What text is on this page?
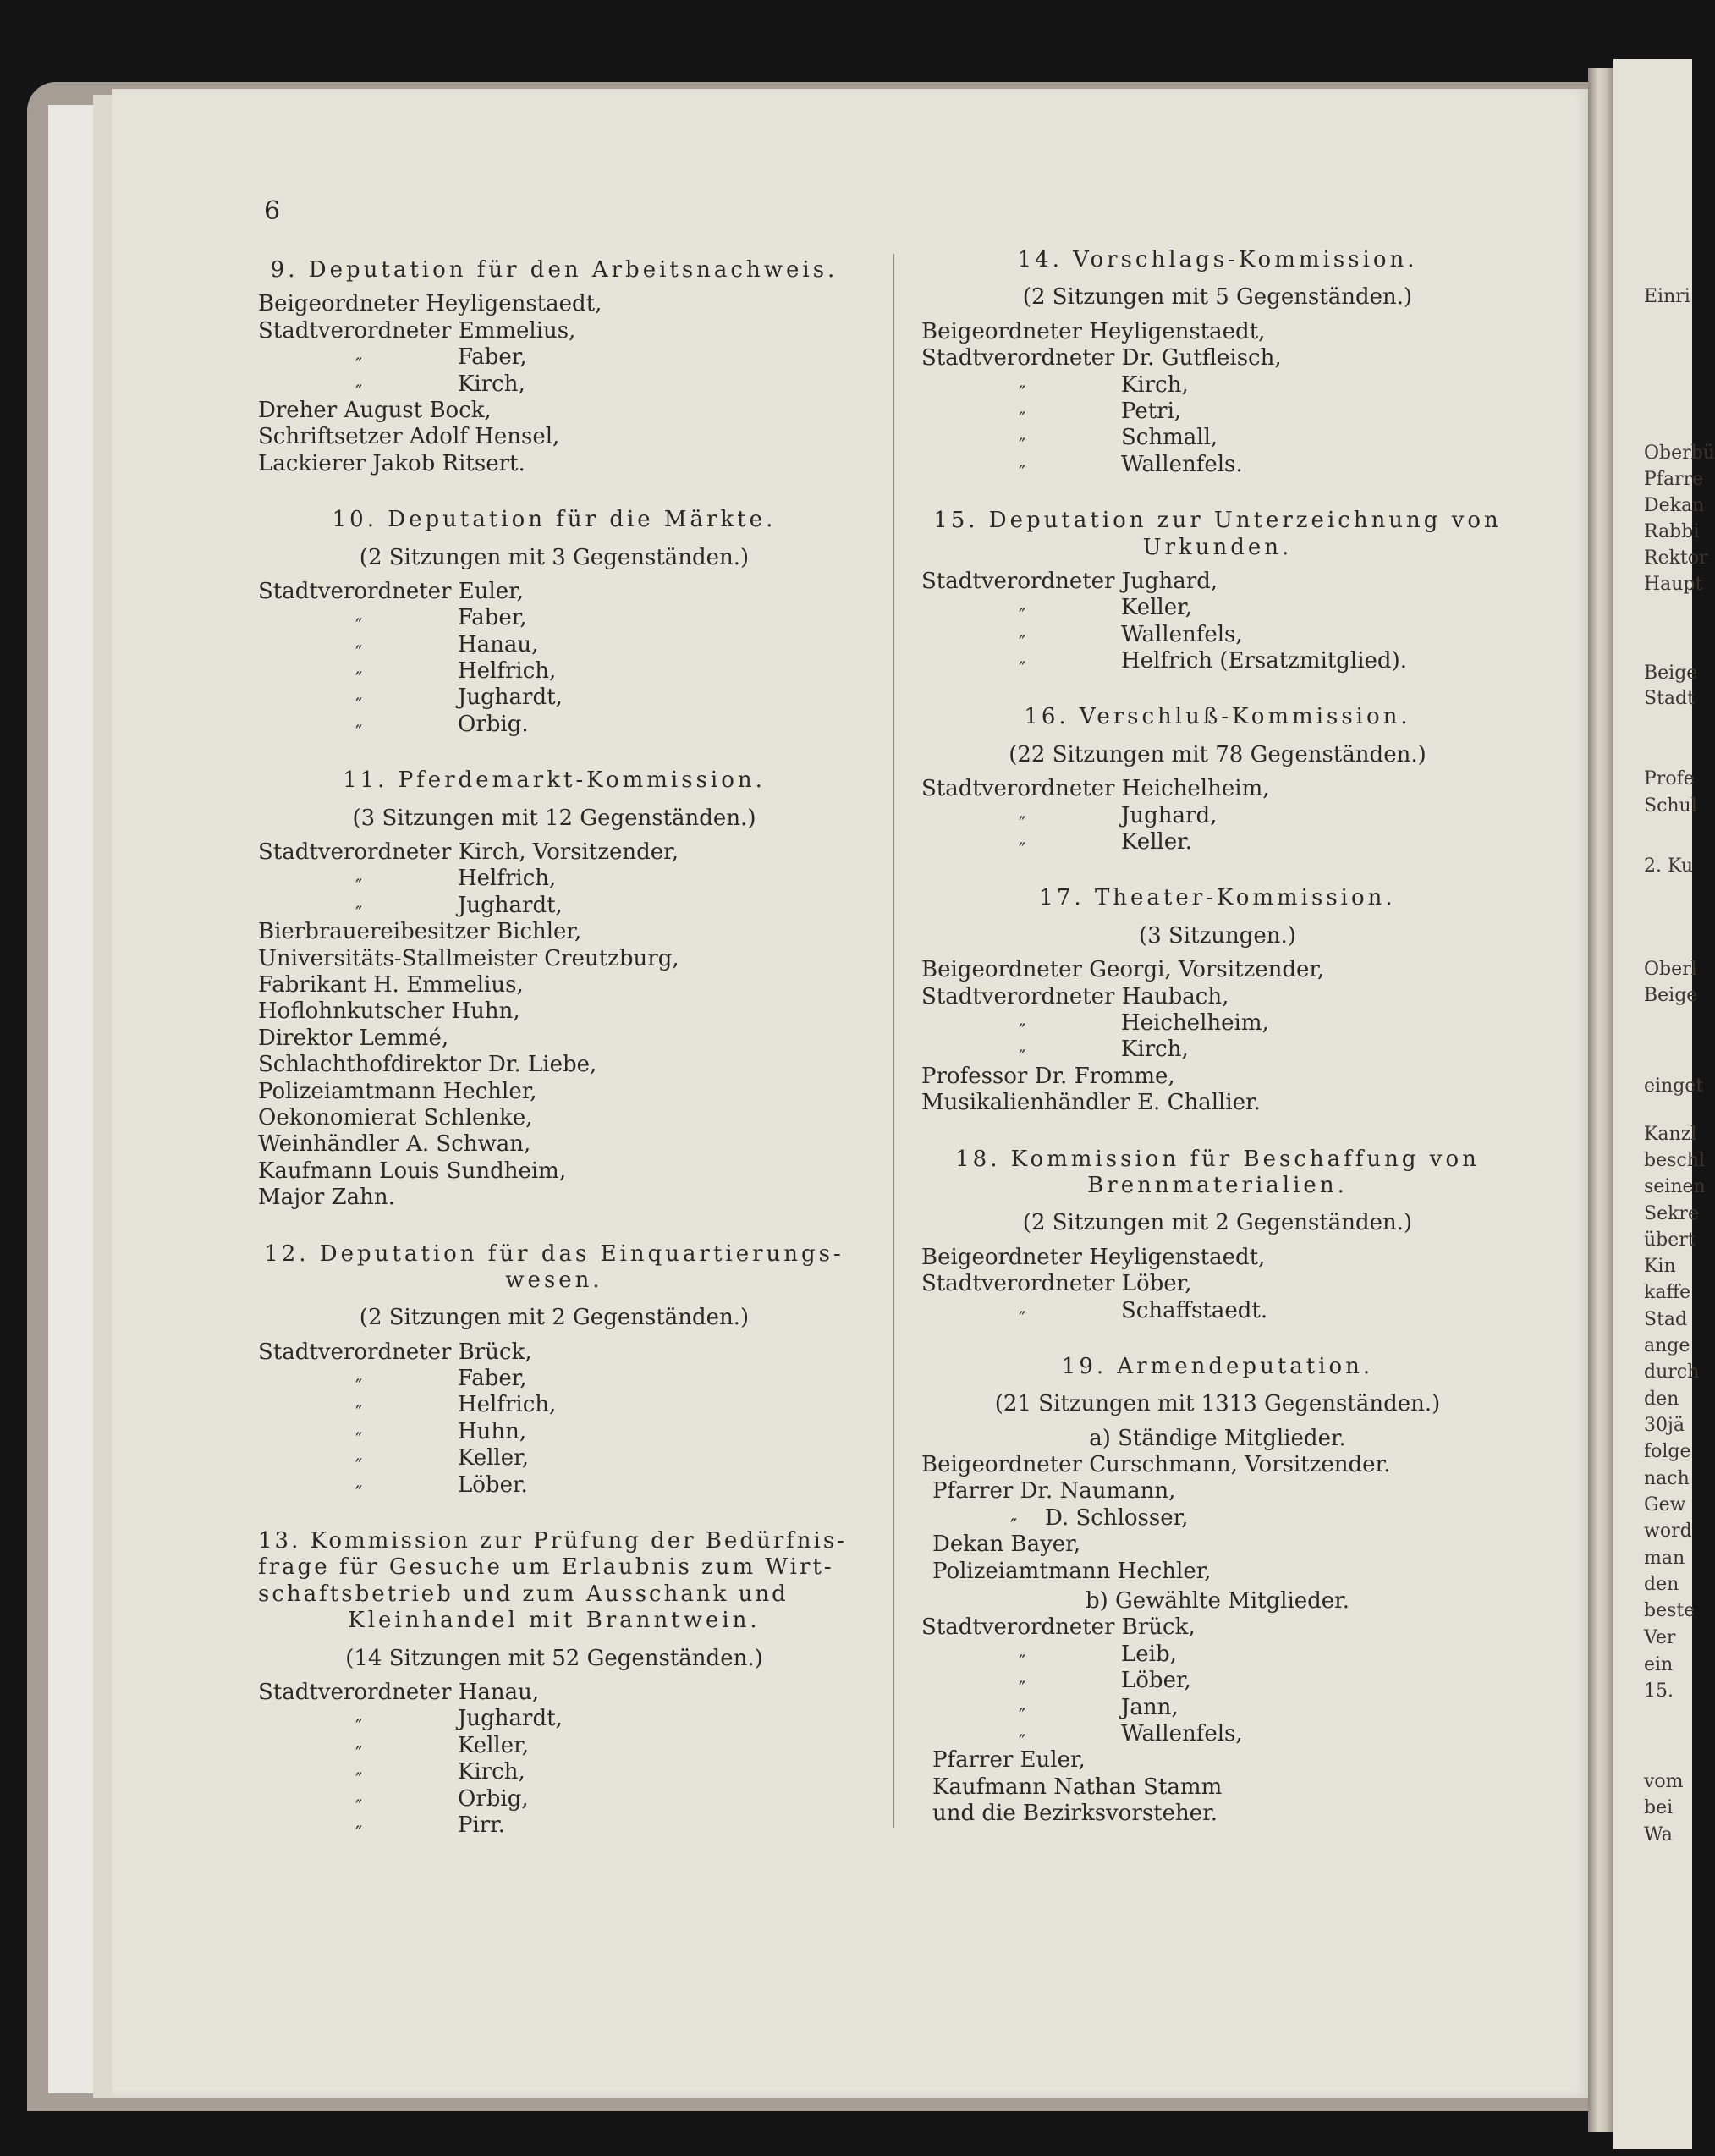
Einri
Oberbü
Pfarre
Dekan
Rabbi
Rektor
Haupt
Beige
Stadt
Profe
Schul
2. Ku
Oberl
Beige
einget
Kanzl
beschl
seinen
Sekre
übert
Kin
kaffe
Stad
ange
durch
den
30jä
folge
nach
Gew
word
man
den
beste
Ver
ein
15.
vom
bei
Wa
6
9. Deputation für den Arbeitsnachweis.
Beigeordneter Heyligenstaedt,
Stadtverordneter Emmelius,
″	Faber,
″	Kirch,
Dreher August Bock,
Schriftsetzer Adolf Hensel,
Lackierer Jakob Ritsert.
10. Deputation für die Märkte.
(2 Sitzungen mit 3 Gegenständen.)
Stadtverordneter Euler,
″	Faber,
″	Hanau,
″	Helfrich,
″	Jughardt,
″	Orbig.
11. Pferdemarkt-Kommission.
(3 Sitzungen mit 12 Gegenständen.)
Stadtverordneter Kirch, Vorsitzender,
″	Helfrich,
″	Jughardt,
Bierbrauereibesitzer Bichler,
Universitäts-Stallmeister Creutzburg,
Fabrikant H. Emmelius,
Hoflohnkutscher Huhn,
Direktor Lemmé,
Schlachthofdirektor Dr. Liebe,
Polizeiamtmann Hechler,
Oekonomierat Schlenke,
Weinhändler A. Schwan,
Kaufmann Louis Sundheim,
Major Zahn.
12. Deputation für das Einquartierungs-
wesen.
(2 Sitzungen mit 2 Gegenständen.)
Stadtverordneter Brück,
″	Faber,
″	Helfrich,
″	Huhn,
″	Keller,
″	Löber.
13. Kommission zur Prüfung der Bedürfnis-
frage für Gesuche um Erlaubnis zum Wirt-
schaftsbetrieb und zum Ausschank und
Kleinhandel mit Branntwein.
(14 Sitzungen mit 52 Gegenständen.)
Stadtverordneter Hanau,
″	Jughardt,
″	Keller,
″	Kirch,
″	Orbig,
″	Pirr.
14. Vorschlags-Kommission.
(2 Sitzungen mit 5 Gegenständen.)
Beigeordneter Heyligenstaedt,
Stadtverordneter Dr. Gutfleisch,
″	Kirch,
″	Petri,
″	Schmall,
″	Wallenfels.
15. Deputation zur Unterzeichnung von
Urkunden.
Stadtverordneter Jughard,
″	Keller,
″	Wallenfels,
″	Helfrich (Ersatzmitglied).
16. Verschluß-Kommission.
(22 Sitzungen mit 78 Gegenständen.)
Stadtverordneter Heichelheim,
″	Jughard,
″	Keller.
17. Theater-Kommission.
(3 Sitzungen.)
Beigeordneter Georgi, Vorsitzender,
Stadtverordneter Haubach,
″	Heichelheim,
″	Kirch,
Professor Dr. Fromme,
Musikalienhändler E. Challier.
18. Kommission für Beschaffung von
Brennmaterialien.
(2 Sitzungen mit 2 Gegenständen.)
Beigeordneter Heyligenstaedt,
Stadtverordneter Löber,
″	Schaffstaedt.
19. Armendeputation.
(21 Sitzungen mit 1313 Gegenständen.)
a) Ständige Mitglieder.
Beigeordneter Curschmann, Vorsitzender.
Pfarrer Dr. Naumann,
″ D. Schlosser,
Dekan Bayer,
Polizeiamtmann Hechler,
b) Gewählte Mitglieder.
Stadtverordneter Brück,
″	Leib,
″	Löber,
″	Jann,
″	Wallenfels,
Pfarrer Euler,
Kaufmann Nathan Stamm
und die Bezirksvorsteher.
